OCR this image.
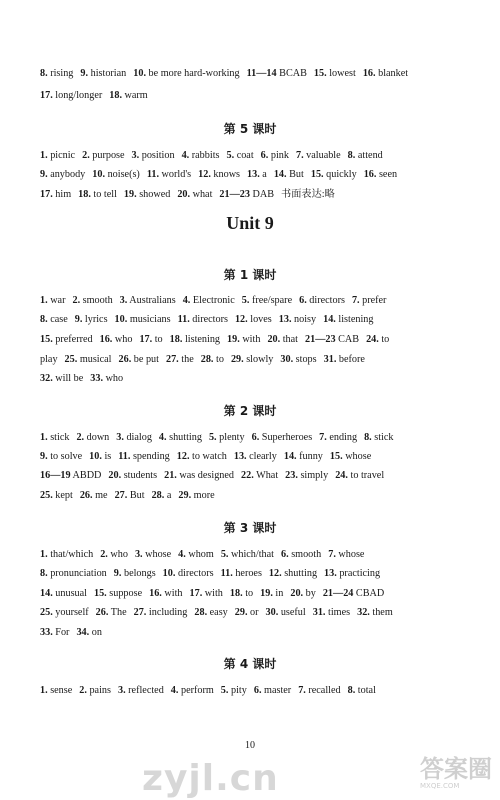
8. rising 9. historian 10. be more hard-working 11—14 BCAB 15. lowest 16. blanket
17. long/longer 18. warm
第 5 课时
1. picnic 2. purpose 3. position 4. rabbits 5. coat 6. pink 7. valuable 8. attend
9. anybody 10. noise(s) 11. world's 12. knows 13. a 14. But 15. quickly 16. seen
17. him 18. to tell 19. showed 20. what 21—23 DAB 书面表达:略
Unit 9
第 1 课时
1. war 2. smooth 3. Australians 4. Electronic 5. free/spare 6. directors 7. prefer
8. case 9. lyrics 10. musicians 11. directors 12. loves 13. noisy 14. listening
15. preferred 16. who 17. to 18. listening 19. with 20. that 21—23 CAB 24. to
play 25. musical 26. be put 27. the 28. to 29. slowly 30. stops 31. before
32. will be 33. who
第 2 课时
1. stick 2. down 3. dialog 4. shutting 5. plenty 6. Superheroes 7. ending 8. stick
9. to solve 10. is 11. spending 12. to watch 13. clearly 14. funny 15. whose
16—19 ABDD 20. students 21. was designed 22. What 23. simply 24. to travel
25. kept 26. me 27. But 28. a 29. more
第 3 课时
1. that/which 2. who 3. whose 4. whom 5. which/that 6. smooth 7. whose
8. pronunciation 9. belongs 10. directors 11. heroes 12. shutting 13. practicing
14. unusual 15. suppose 16. with 17. with 18. to 19. in 20. by 21—24 CBAD
25. yourself 26. The 27. including 28. easy 29. or 30. useful 31. times 32. them
33. For 34. on
第 4 课时
1. sense 2. pains 3. reflected 4. perform 5. pity 6. master 7. recalled 8. total
10
zyjl.cn	答案圈
MXQE.COM
